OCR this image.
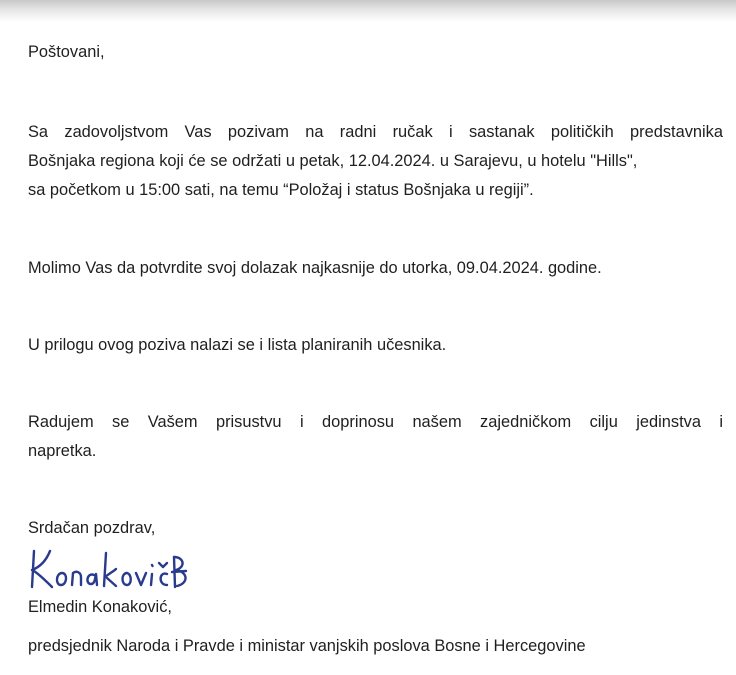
Poštovani,
Sa zadovoljstvom Vas pozivam na radni ručak i sastanak političkih predstavnika
Bošnjaka regiona koji će se održati u petak, 12.04.2024. u Sarajevu, u hotelu "Hills",
sa početkom u 15:00 sati, na temu “Položaj i status Bošnjaka u regiji”.
Molimo Vas da potvrdite svoj dolazak najkasnije do utorka, 09.04.2024. godine.
U prilogu ovog poziva nalazi se i lista planiranih učesnika.
Radujem se Vašem prisustvu i doprinosu našem zajedničkom cilju jedinstva i
napretka.
Srdačan pozdrav,
Elmedin Konaković,
predsjednik Naroda i Pravde i ministar vanjskih poslova Bosne i Hercegovine
